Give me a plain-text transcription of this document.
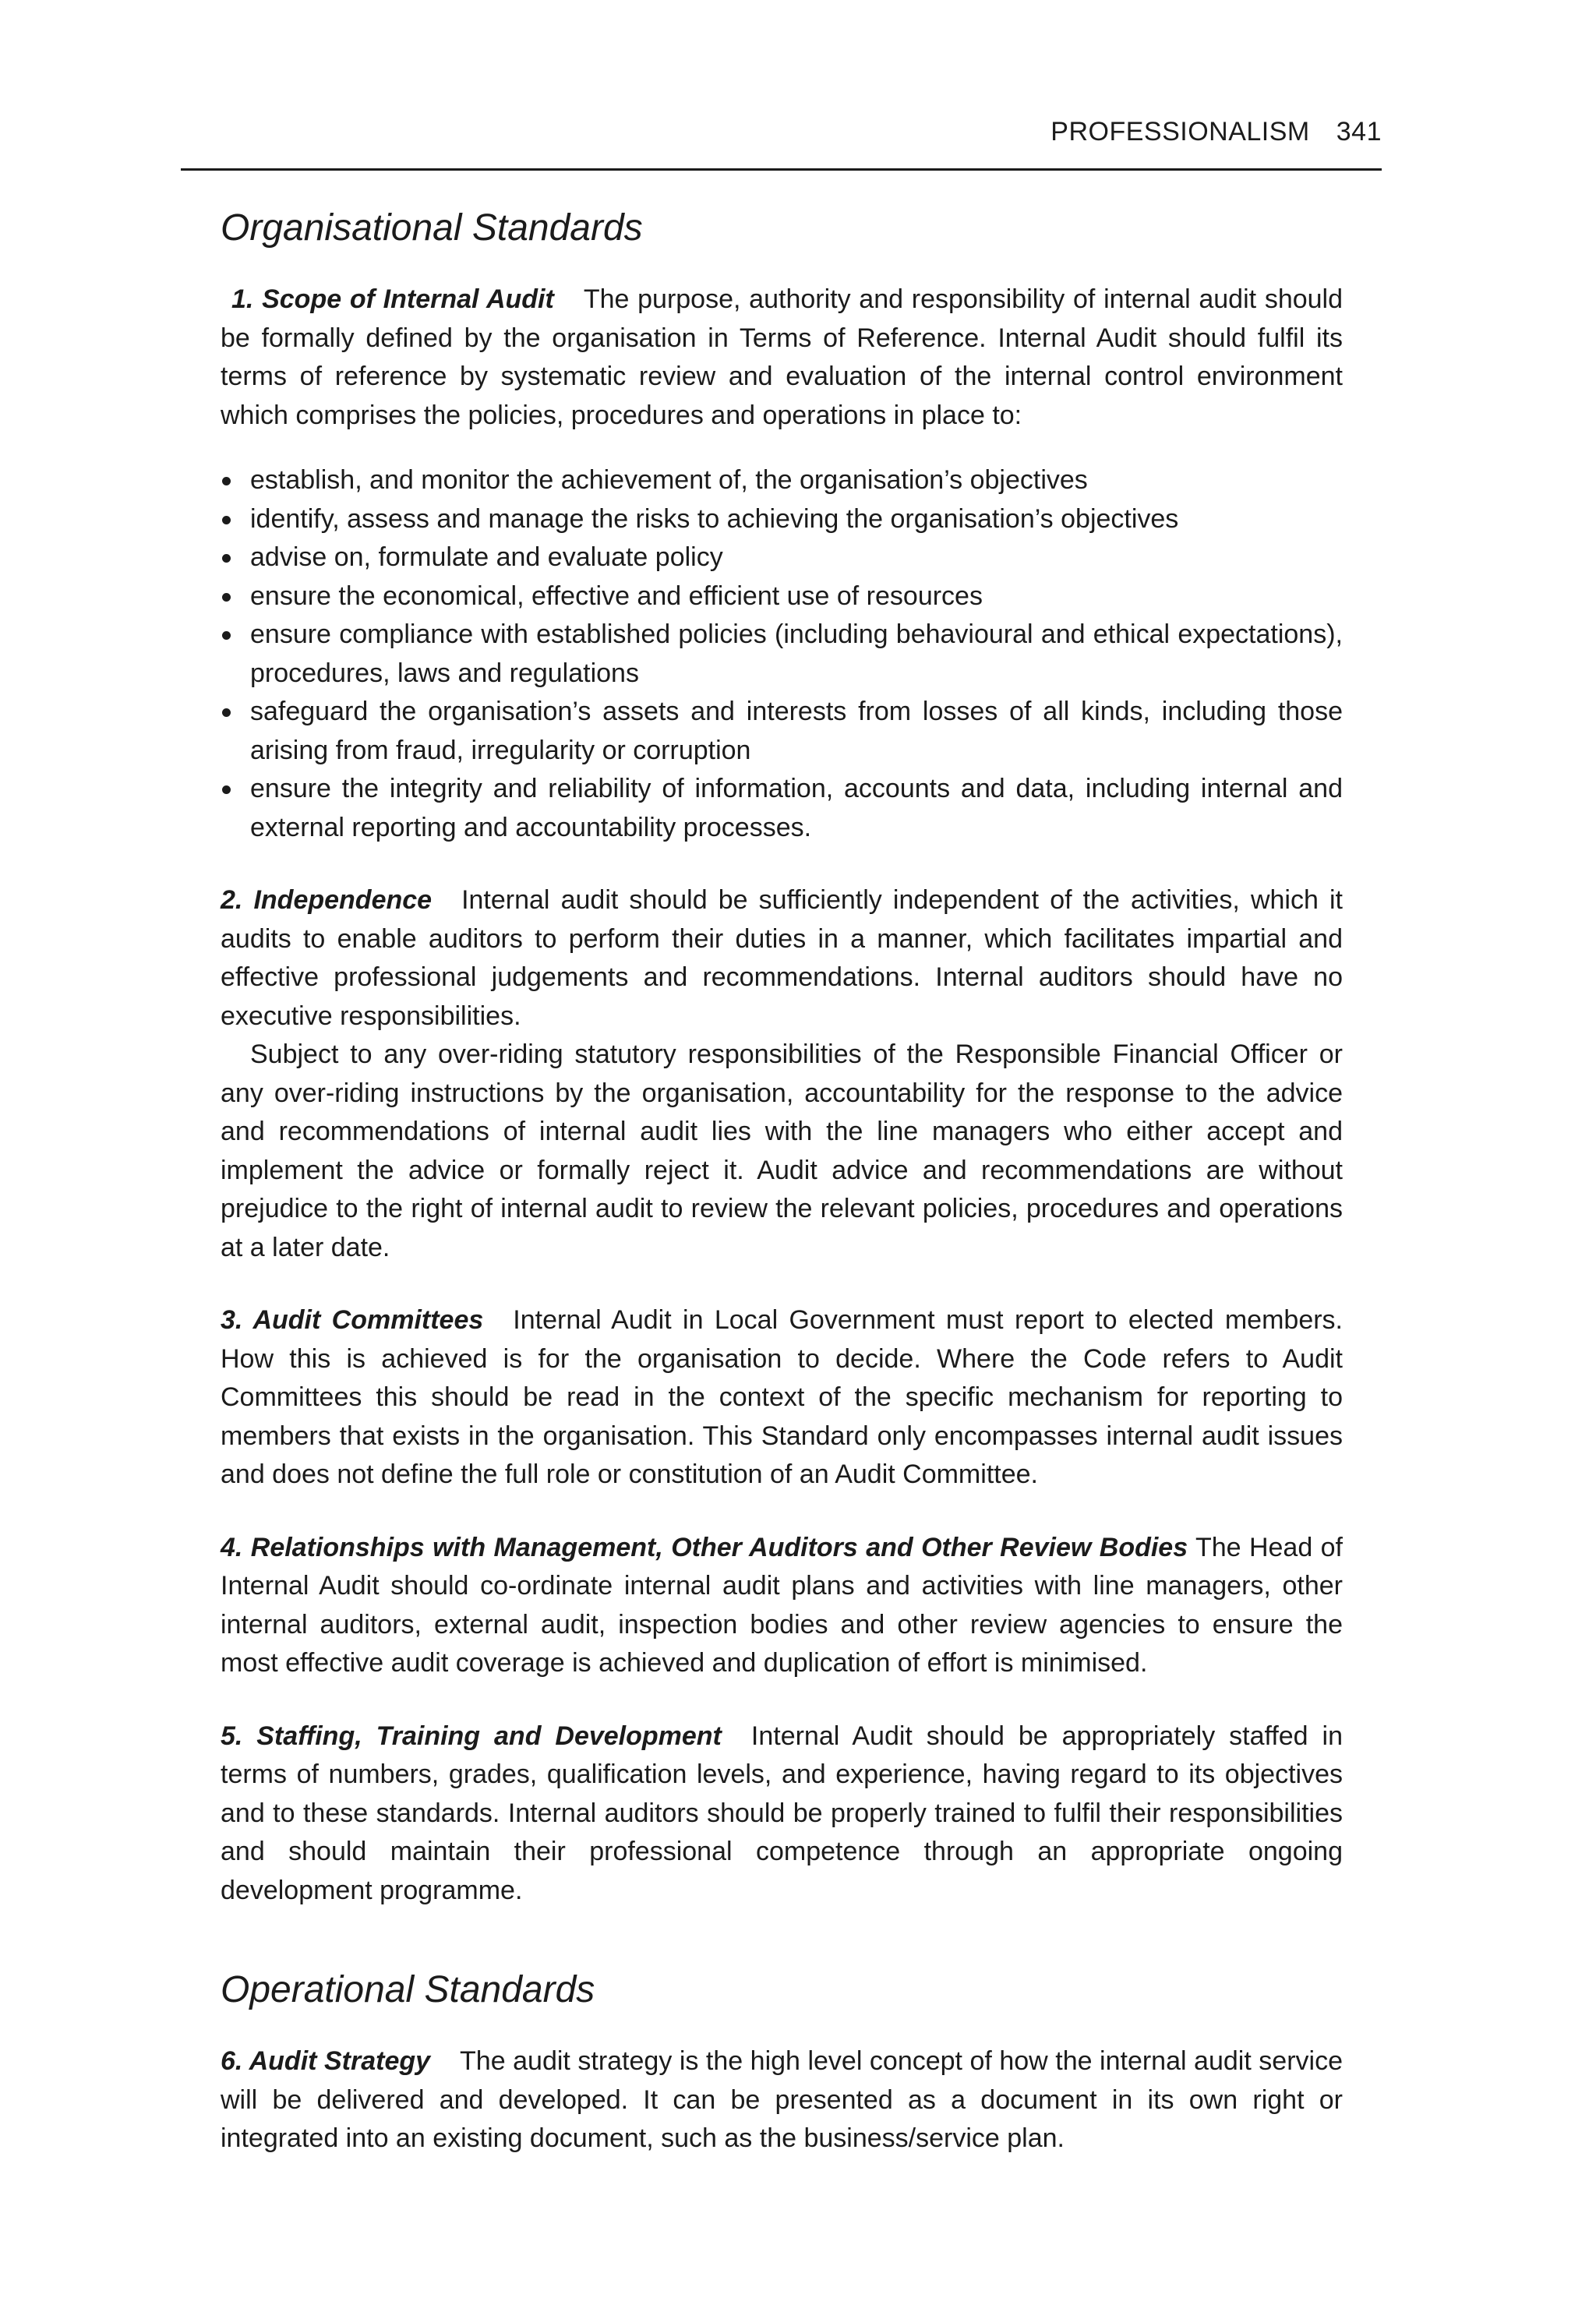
PROFESSIONALISM 341
Organisational Standards

1. Scope of Internal Audit The purpose, authority and responsibility of internal audit should be formally defined by the organisation in Terms of Reference. Internal Audit should fulfil its terms of reference by systematic review and evaluation of the internal control environment which comprises the policies, procedures and operations in place to:

establish, and monitor the achievement of, the organisation’s objectives
identify, assess and manage the risks to achieving the organisation’s objectives
advise on, formulate and evaluate policy
ensure the economical, effective and efficient use of resources
ensure compliance with established policies (including behavioural and ethical expectations), procedures, laws and regulations
safeguard the organisation’s assets and interests from losses of all kinds, including those arising from fraud, irregularity or corruption
ensure the integrity and reliability of information, accounts and data, including internal and external reporting and accountability processes.

2. Independence Internal audit should be sufficiently independent of the activities, which it audits to enable auditors to perform their duties in a manner, which facilitates impartial and effective professional judgements and recommendations. Internal auditors should have no executive responsibilities.

Subject to any over-riding statutory responsibilities of the Responsible Financial Officer or any over-riding instructions by the organisation, accountability for the response to the advice and recommendations of internal audit lies with the line managers who either accept and implement the advice or formally reject it. Audit advice and recommendations are without prejudice to the right of internal audit to review the relevant policies, procedures and operations at a later date.

3. Audit Committees Internal Audit in Local Government must report to elected members. How this is achieved is for the organisation to decide. Where the Code refers to Audit Committees this should be read in the context of the specific mechanism for reporting to members that exists in the organisation. This Standard only encompasses internal audit issues and does not define the full role or constitution of an Audit Committee.

4. Relationships with Management, Other Auditors and Other Review Bodies The Head of Internal Audit should co-ordinate internal audit plans and activities with line managers, other internal auditors, external audit, inspection bodies and other review agencies to ensure the most effective audit coverage is achieved and duplication of effort is minimised.

5. Staffing, Training and Development Internal Audit should be appropriately staffed in terms of numbers, grades, qualification levels, and experience, having regard to its objectives and to these standards. Internal auditors should be properly trained to fulfil their responsibilities and should maintain their professional competence through an appropriate ongoing development programme.

Operational Standards

6. Audit Strategy The audit strategy is the high level concept of how the internal audit service will be delivered and developed. It can be presented as a document in its own right or integrated into an existing document, such as the business/service plan.
